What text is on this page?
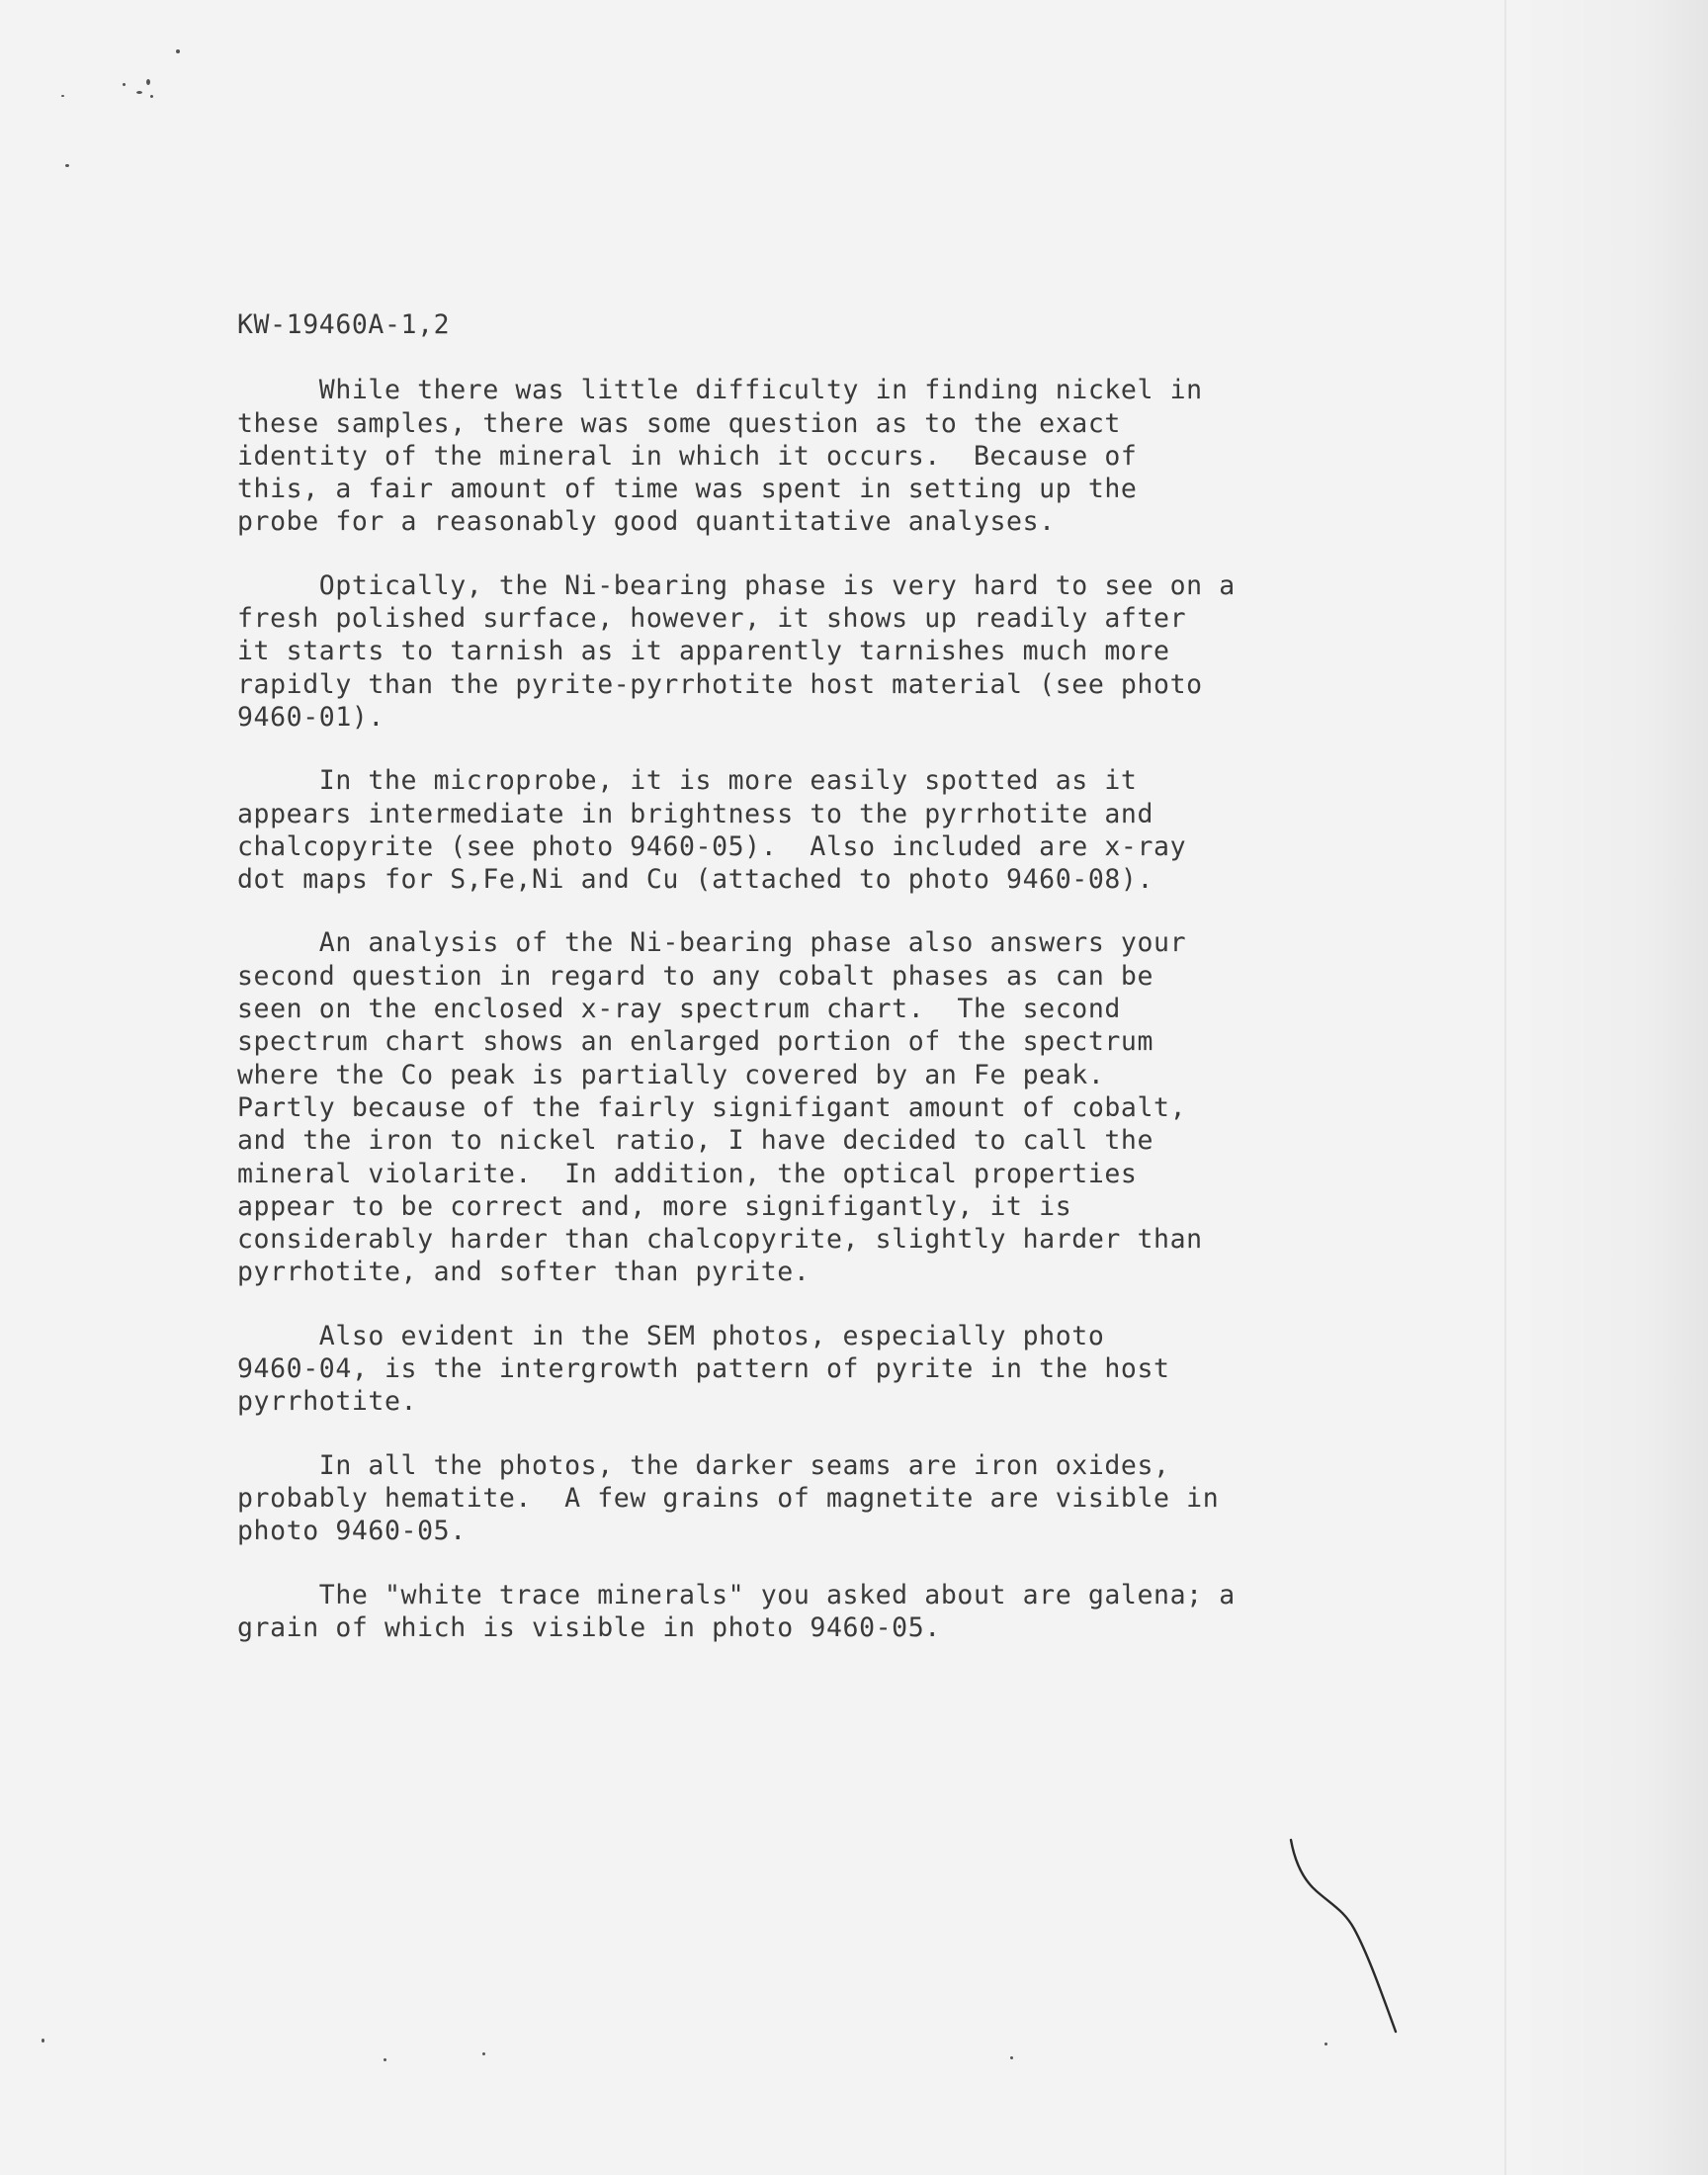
KW-19460A-1,2
While there was little difficulty in finding nickel in
these samples, there was some question as to the exact
identity of the mineral in which it occurs.  Because of
this, a fair amount of time was spent in setting up the
probe for a reasonably good quantitative analyses.
Optically, the Ni-bearing phase is very hard to see on a
fresh polished surface, however, it shows up readily after
it starts to tarnish as it apparently tarnishes much more
rapidly than the pyrite-pyrrhotite host material (see photo
9460-01).
In the microprobe, it is more easily spotted as it
appears intermediate in brightness to the pyrrhotite and
chalcopyrite (see photo 9460-05).  Also included are x-ray
dot maps for S,Fe,Ni and Cu (attached to photo 9460-08).
An analysis of the Ni-bearing phase also answers your
second question in regard to any cobalt phases as can be
seen on the enclosed x-ray spectrum chart.  The second
spectrum chart shows an enlarged portion of the spectrum
where the Co peak is partially covered by an Fe peak.
Partly because of the fairly signifigant amount of cobalt,
and the iron to nickel ratio, I have decided to call the
mineral violarite.  In addition, the optical properties
appear to be correct and, more signifigantly, it is
considerably harder than chalcopyrite, slightly harder than
pyrrhotite, and softer than pyrite.
Also evident in the SEM photos, especially photo
9460-04, is the intergrowth pattern of pyrite in the host
pyrrhotite.
In all the photos, the darker seams are iron oxides,
probably hematite.  A few grains of magnetite are visible in
photo 9460-05.
The "white trace minerals" you asked about are galena; a
grain of which is visible in photo 9460-05.
